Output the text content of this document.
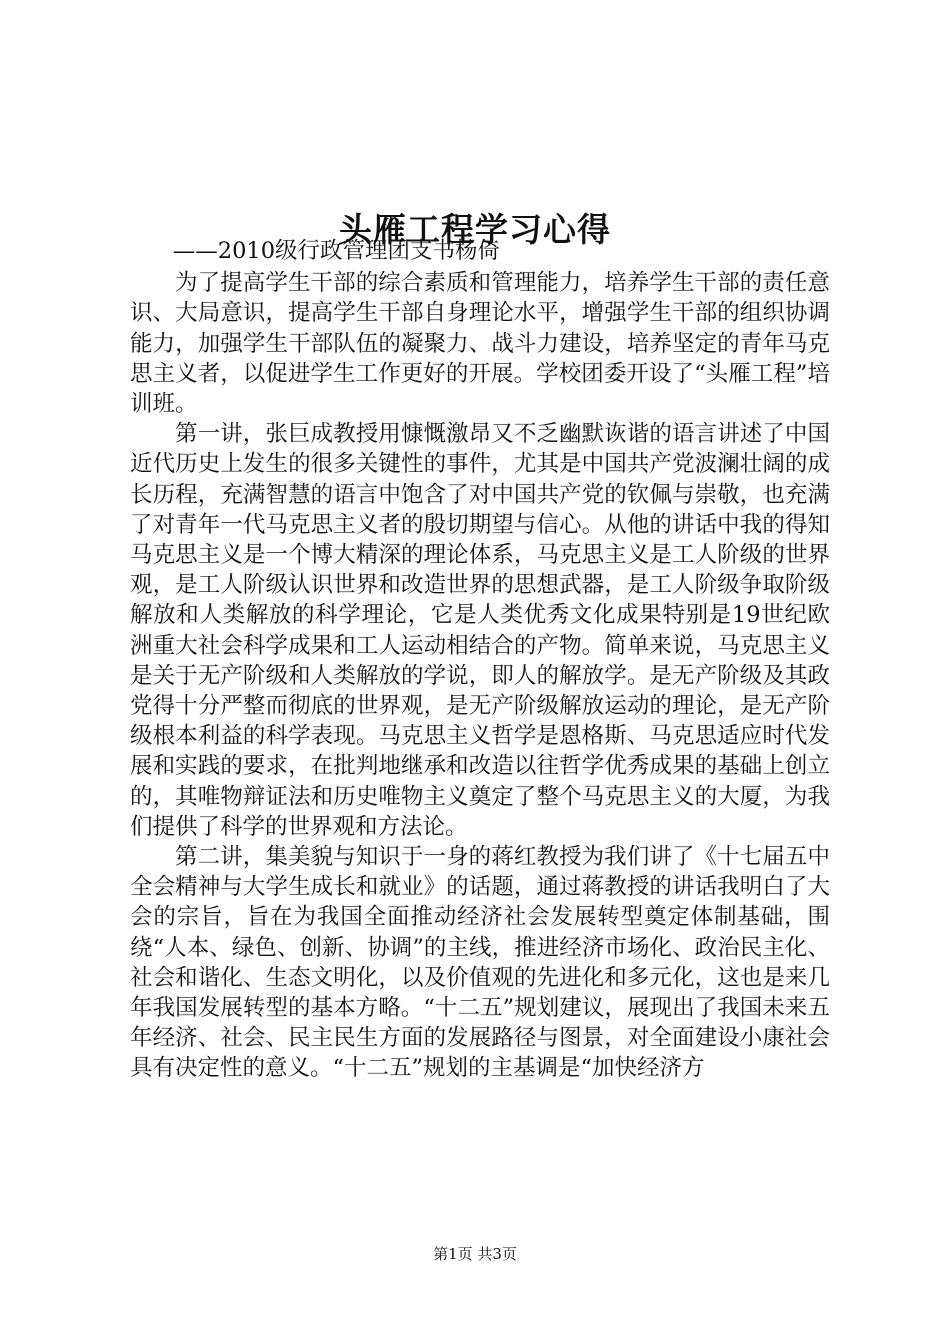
头雁工程学习心得

——2010级行政管理团支书杨倚

为了提高学生干部的综合素质和管理能力，培养学生干部的责任意识、大局意识，提高学生干部自身理论水平，增强学生干部的组织协调能力，加强学生干部队伍的凝聚力、战斗力建设，培养坚定的青年马克思主义者，以促进学生工作更好的开展。学校团委开设了“头雁工程”培训班。

第一讲，张巨成教授用慷慨激昂又不乏幽默诙谐的语言讲述了中国近代历史上发生的很多关键性的事件，尤其是中国共产党波澜壮阔的成长历程，充满智慧的语言中饱含了对中国共产党的钦佩与崇敬，也充满了对青年一代马克思主义者的殷切期望与信心。从他的讲话中我的得知马克思主义是一个博大精深的理论体系，马克思主义是工人阶级的世界观，是工人阶级认识世界和改造世界的思想武器，是工人阶级争取阶级解放和人类解放的科学理论，它是人类优秀文化成果特别是19世纪欧洲重大社会科学成果和工人运动相结合的产物。简单来说，马克思主义是关于无产阶级和人类解放的学说，即人的解放学。是无产阶级及其政党得十分严整而彻底的世界观，是无产阶级解放运动的理论，是无产阶级根本利益的科学表现。马克思主义哲学是恩格斯、马克思适应时代发展和实践的要求，在批判地继承和改造以往哲学优秀成果的基础上创立的，其唯物辩证法和历史唯物主义奠定了整个马克思主义的大厦，为我们提供了科学的世界观和方法论。

第二讲，集美貌与知识于一身的蒋红教授为我们讲了《十七届五中全会精神与大学生成长和就业》的话题，通过蒋教授的讲话我明白了大会的宗旨，旨在为我国全面推动经济社会发展转型奠定体制基础，围绕“人本、绿色、创新、协调”的主线，推进经济市场化、政治民主化、社会和谐化、生态文明化，以及价值观的先进化和多元化，这也是来几年我国发展转型的基本方略。“十二五”规划建议，展现出了我国未来五年经济、社会、民主民生方面的发展路径与图景，对全面建设小康社会具有决定性的意义。“十二五”规划的主基调是“加快经济方

第1页 共3页
